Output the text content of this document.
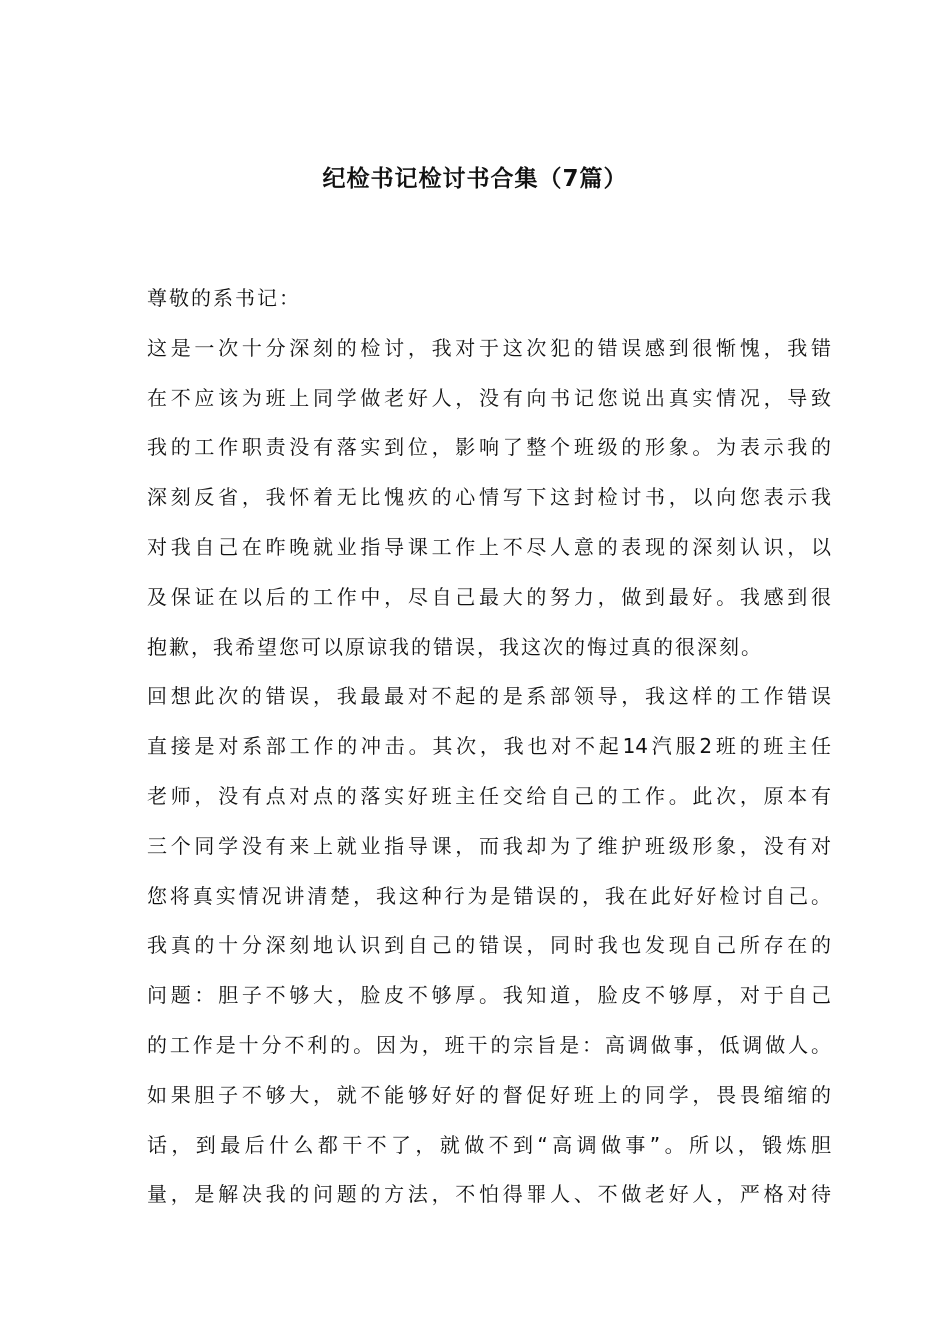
纪检书记检讨书合集（7篇）
尊敬的系书记：
这是一次十分深刻的检讨，我对于这次犯的错误感到很惭愧，我错
在不应该为班上同学做老好人，没有向书记您说出真实情况，导致
我的工作职责没有落实到位，影响了整个班级的形象。为表示我的
深刻反省，我怀着无比愧疚的心情写下这封检讨书，以向您表示我
对我自己在昨晚就业指导课工作上不尽人意的表现的深刻认识，以
及保证在以后的工作中，尽自己最大的努力，做到最好。我感到很
抱歉，我希望您可以原谅我的错误，我这次的悔过真的很深刻。
回想此次的错误，我最最对不起的是系部领导，我这样的工作错误
直接是对系部工作的冲击。其次，我也对不起14汽服2班的班主任
老师，没有点对点的落实好班主任交给自己的工作。此次，原本有
三个同学没有来上就业指导课，而我却为了维护班级形象，没有对
您将真实情况讲清楚，我这种行为是错误的，我在此好好检讨自己。
我真的十分深刻地认识到自己的错误，同时我也发现自己所存在的
问题：胆子不够大，脸皮不够厚。我知道，脸皮不够厚，对于自己
的工作是十分不利的。因为，班干的宗旨是：高调做事，低调做人。
如果胆子不够大，就不能够好好的督促好班上的同学，畏畏缩缩的
话，到最后什么都干不了，就做不到“高调做事”。所以，锻炼胆
量，是解决我的问题的方法，不怕得罪人、不做老好人，严格对待
